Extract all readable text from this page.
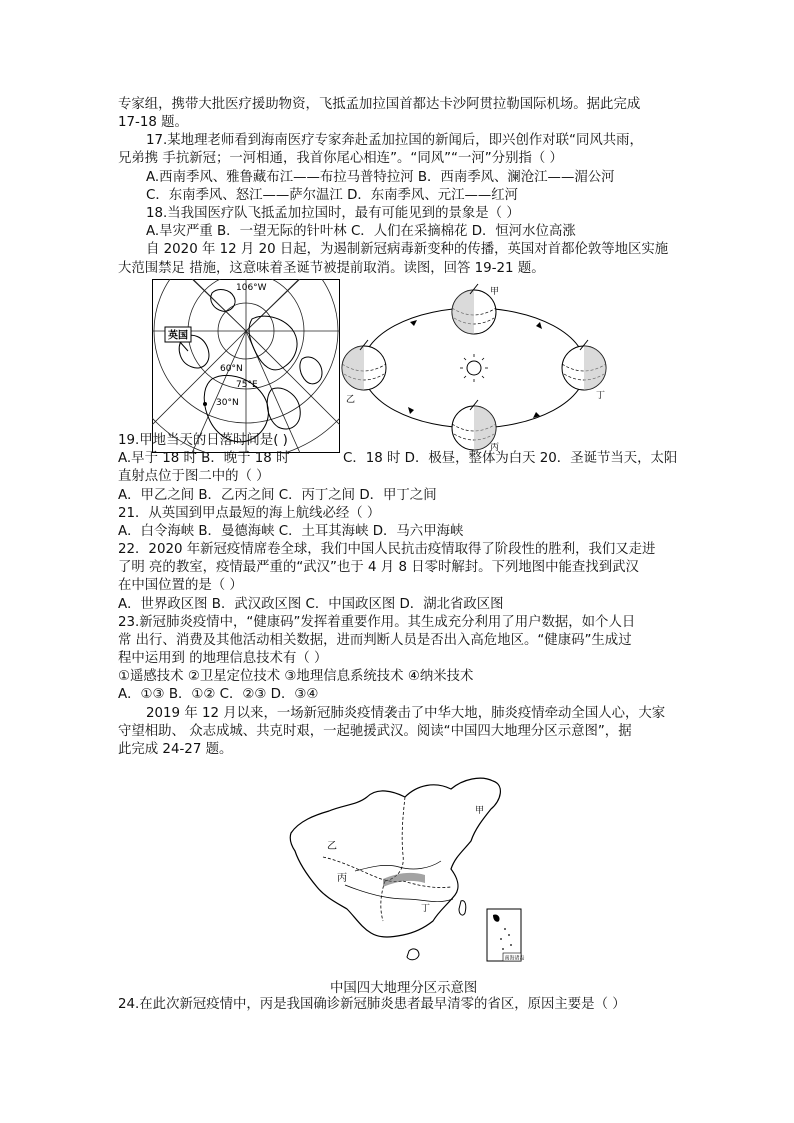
专家组，携带大批医疗援助物资，飞抵孟加拉国首都达卡沙阿贯拉勒国际机场。据此完成
17-18 题。
17.某地理老师看到海南医疗专家奔赴孟加拉国的新闻后，即兴创作对联“同风共雨，
兄弟携 手抗新冠；一河相通，我首你尾心相连”。“同风”“一河”分别指（ ）
A.西南季风、雅鲁藏布江——布拉马普特拉河 B．西南季风、澜沧江——湄公河
C．东南季风、怒江——萨尔温江 D．东南季风、元江——红河
18.当我国医疗队飞抵孟加拉国时，最有可能见到的景象是（ ）
A.旱灾严重 B．一望无际的针叶林 C．人们在采摘棉花 D．恒河水位高涨
自 2020 年 12 月 20 日起，为遏制新冠病毒新变种的传播，英国对首都伦敦等地区实施
大范围禁足 措施，这意味着圣诞节被提前取消。读图，回答 19-21 题。
英国
106°W
60°N
75°E
30°N
甲
乙
丙
丁
19.甲地当天的日落时间是( )
A.早于 18 时 B．晚于 18 时	C．18 时 D．极昼，整体为白天 20．圣诞节当天，太阳
直射点位于图二中的（ ）
A．甲乙之间 B．乙丙之间 C．丙丁之间 D．甲丁之间
21．从英国到甲点最短的海上航线必经（ ）
A．白令海峡 B．曼德海峡 C．土耳其海峡 D．马六甲海峡
22．2020 年新冠疫情席卷全球，我们中国人民抗击疫情取得了阶段性的胜利，我们又走进
了明 亮的教室，疫情最严重的“武汉”也于 4 月 8 日零时解封。下列地图中能查找到武汉
在中国位置的是（ ）
A．世界政区图 B．武汉政区图 C．中国政区图 D．湖北省政区图
23.新冠肺炎疫情中，“健康码”发挥着重要作用。其生成充分利用了用户数据，如个人日
常 出行、消费及其他活动相关数据，进而判断人员是否出入高危地区。“健康码”生成过
程中运用到 的地理信息技术有（ ）
①遥感技术 ②卫星定位技术 ③地理信息系统技术 ④纳米技术
A．①③ B．①② C．②③ D．③④
2019 年 12 月以来，一场新冠肺炎疫情袭击了中华大地，肺炎疫情牵动全国人心，大家
守望相助、 众志成城、共克时艰，一起驰援武汉。阅读“中国四大地理分区示意图”，据
此完成 24-27 题。
甲
乙
丙
丁
南海诸岛
中国四大地理分区示意图
24.在此次新冠疫情中，丙是我国确诊新冠肺炎患者最早清零的省区，原因主要是（ ）
